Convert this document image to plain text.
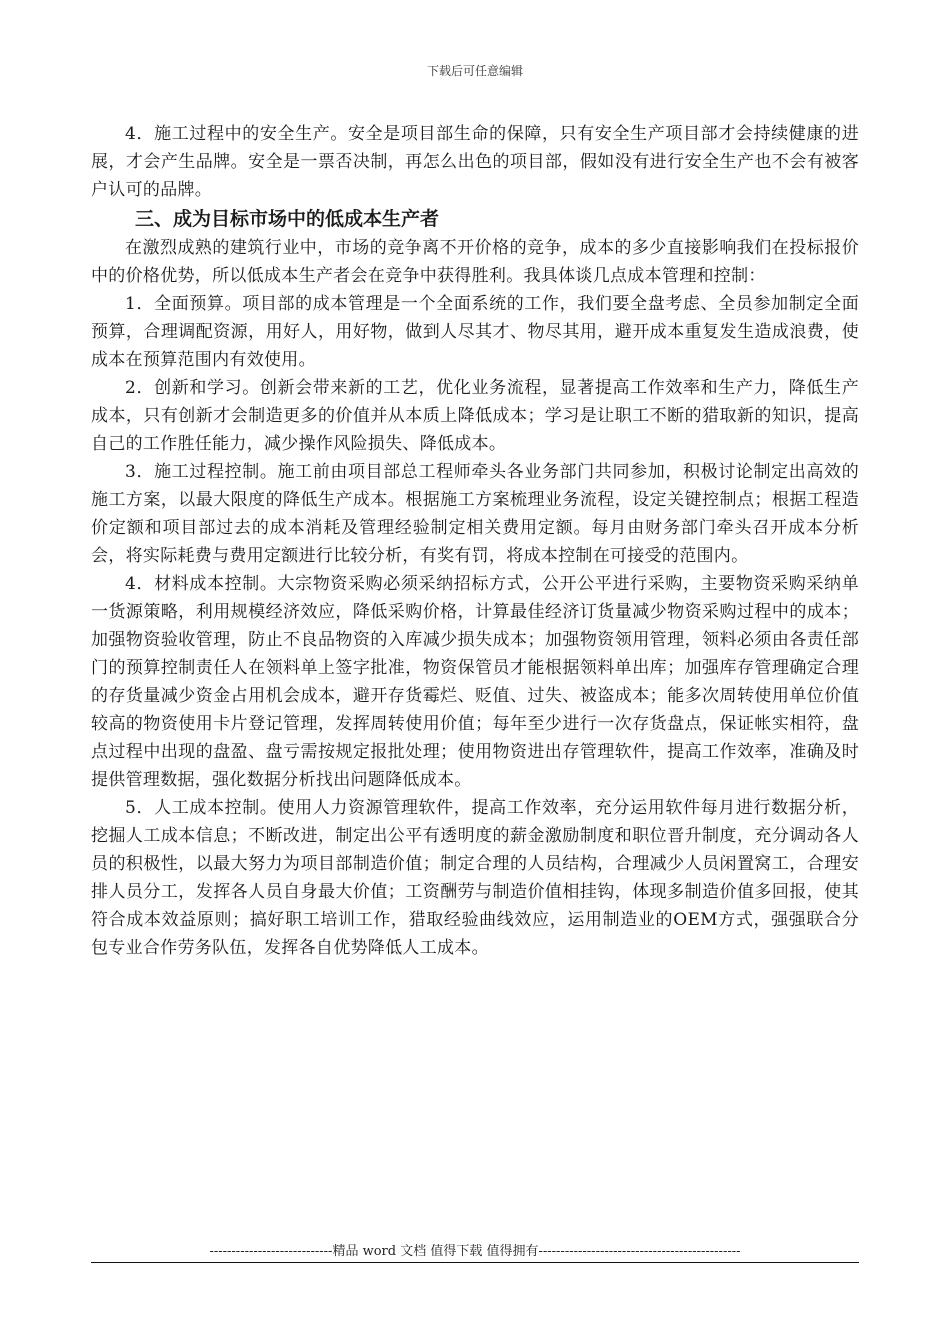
下载后可任意编辑

4．施工过程中的安全生产。安全是项目部生命的保障，只有安全生产项目部才会持续健康的进展，才会产生品牌。安全是一票否决制，再怎么出色的项目部，假如没有进行安全生产也不会有被客户认可的品牌。

三、成为目标市场中的低成本生产者

在激烈成熟的建筑行业中，市场的竞争离不开价格的竞争，成本的多少直接影响我们在投标报价中的价格优势，所以低成本生产者会在竞争中获得胜利。我具体谈几点成本管理和控制：

1．全面预算。项目部的成本管理是一个全面系统的工作，我们要全盘考虑、全员参加制定全面预算，合理调配资源，用好人，用好物，做到人尽其才、物尽其用，避开成本重复发生造成浪费，使成本在预算范围内有效使用。

2．创新和学习。创新会带来新的工艺，优化业务流程，显著提高工作效率和生产力，降低生产成本，只有创新才会制造更多的价值并从本质上降低成本；学习是让职工不断的猎取新的知识，提高自己的工作胜任能力，减少操作风险损失、降低成本。

3．施工过程控制。施工前由项目部总工程师牵头各业务部门共同参加，积极讨论制定出高效的施工方案，以最大限度的降低生产成本。根据施工方案梳理业务流程，设定关键控制点；根据工程造价定额和项目部过去的成本消耗及管理经验制定相关费用定额。每月由财务部门牵头召开成本分析会，将实际耗费与费用定额进行比较分析，有奖有罚，将成本控制在可接受的范围内。

4．材料成本控制。大宗物资采购必须采纳招标方式，公开公平进行采购，主要物资采购采纳单一货源策略，利用规模经济效应，降低采购价格，计算最佳经济订货量减少物资采购过程中的成本；加强物资验收管理，防止不良品物资的入库减少损失成本；加强物资领用管理，领料必须由各责任部门的预算控制责任人在领料单上签字批准，物资保管员才能根据领料单出库；加强库存管理确定合理的存货量减少资金占用机会成本，避开存货霉烂、贬值、过失、被盗成本；能多次周转使用单位价值较高的物资使用卡片登记管理，发挥周转使用价值；每年至少进行一次存货盘点，保证帐实相符，盘点过程中出现的盘盈、盘亏需按规定报批处理；使用物资进出存管理软件，提高工作效率，准确及时提供管理数据，强化数据分析找出问题降低成本。

5．人工成本控制。使用人力资源管理软件，提高工作效率，充分运用软件每月进行数据分析，挖掘人工成本信息；不断改进，制定出公平有透明度的薪金激励制度和职位晋升制度，充分调动各人员的积极性，以最大努力为项目部制造价值；制定合理的人员结构，合理减少人员闲置窝工，合理安排人员分工，发挥各人员自身最大价值；工资酬劳与制造价值相挂钩，体现多制造价值多回报，使其符合成本效益原则；搞好职工培训工作，猎取经验曲线效应，运用制造业的OEM方式，强强联合分包专业合作劳务队伍，发挥各自优势降低人工成本。

----------------------------精品 word 文档 值得下载 值得拥有----------------------------------------------
